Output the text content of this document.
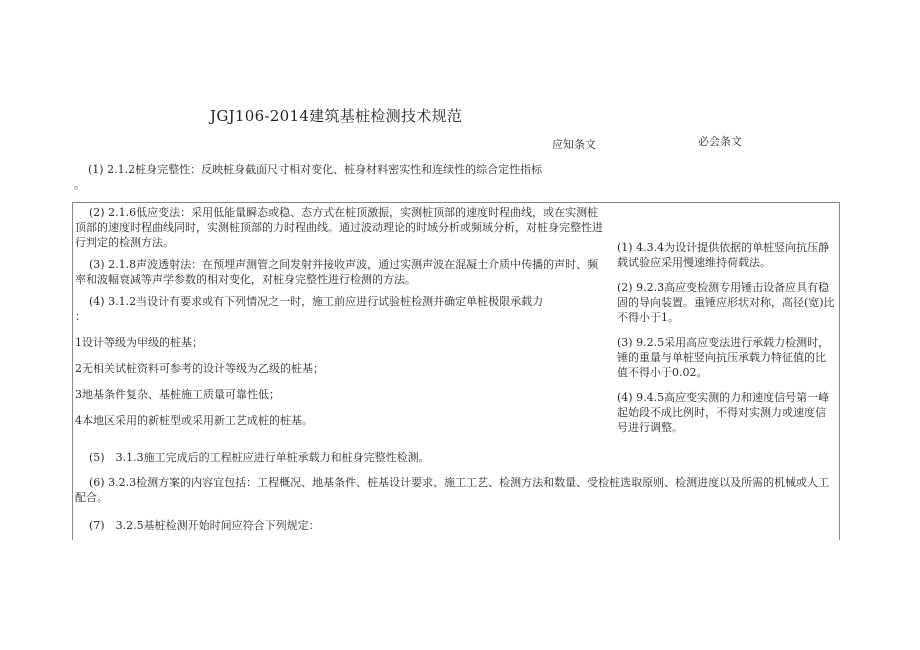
JGJ106-2014建筑基桩检测技术规范
应知条文	必会条文
(1) 2.1.2桩身完整性：反映桩身截面尺寸相对变化、桩身材料密实性和连续性的综合定性指标
。

(2) 2.1.6低应变法：采用低能量瞬态或稳、态方式在桩顶激振，实测桩顶部的速度时程曲线，或在实测桩顶部的速度时程曲线同时，实测桩顶部的力时程曲线。通过波动理论的时域分析或频域分析，对桩身完整性进行判定的检测方法。

(3) 2.1.8声波透射法：在预埋声测管之间发射并接收声波，通过实测声波在混凝土介质中传播的声时、频率和波幅衰减等声学参数的相对变化，对桩身完整性进行检测的方法。

(4) 3.1.2当设计有要求或有下列情况之一时，施工前应进行试验桩检测并确定单桩极限承载力

：

1设计等级为甲级的桩基；

2无相关试桩资料可参考的设计等级为乙级的桩基；

3地基条件复杂、基桩施工质量可靠性低；

4本地区采用的新桩型或采用新工艺成桩的桩基。

(5)　3.1.3施工完成后的工程桩应进行单桩承载力和桩身完整性检测。
(6) 3.2.3检测方案的内容宜包括：工程概况、地基条件、桩基设计要求、施工工艺、检测方法和数量、受检桩选取原则、检测进度以及所需的机械或人工配合。
(7)　3.2.5基桩检测开始时间应符合下列规定：

(1) 4.3.4为设计提供依据的单桩竖向抗压静载试验应采用慢速维持荷载法。

(2) 9.2.3高应变检测专用锤击设备应具有稳固的导向装置。重锤应形状对称，高径(宽)比不得小于1。

(3) 9.2.5采用高应变法进行承载力检测时，锤的重量与单桩竖向抗压承载力特征值的比值不得小于0.02。

(4) 9.4.5高应变实测的力和速度信号第一峰起始段不成比例时，不得对实测力或速度信号进行调整。
